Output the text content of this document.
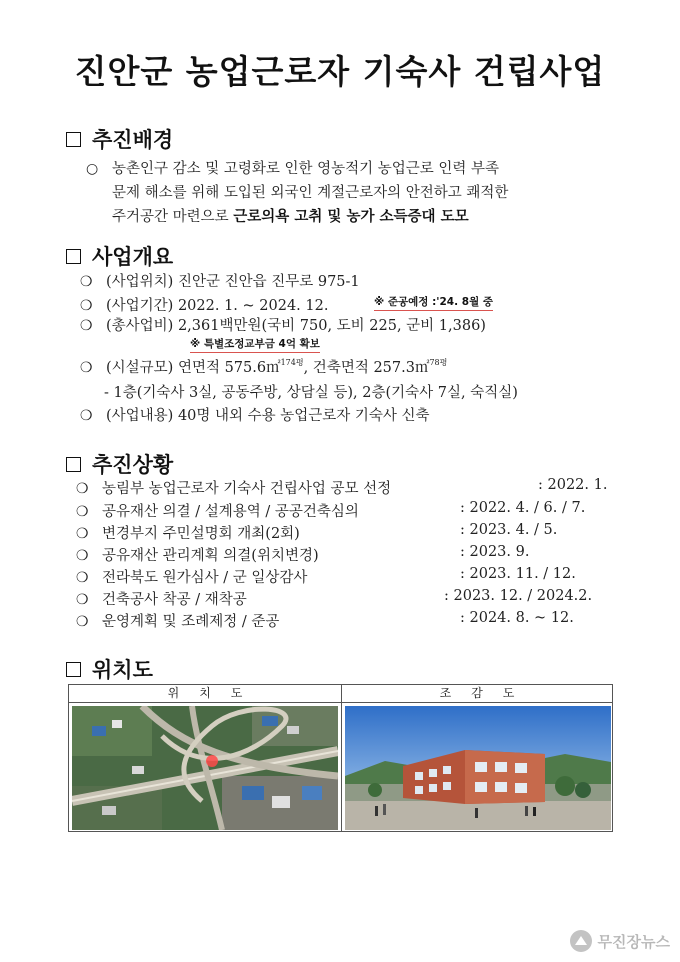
진안군 농업근로자 기숙사 건립사업
추진배경
○ 농촌인구 감소 및 고령화로 인한 영농적기 농업근로 인력 부족
문제 해소를 위해 도입된 외국인 계절근로자의 안전하고 쾌적한
주거공간 마련으로 근로의욕 고취 및 농가 소득증대 도모
사업개요
❍ (사업위치) 진안군 진안읍 진무로 975-1
❍ (사업기간) 2022. 1. ~ 2024. 12.	※ 준공예정 :'24. 8월 중
❍ (총사업비) 2,361백만원(국비 750, 도비 225, 군비 1,386)
※ 특별조정교부금 4억 확보
❍ (시설규모) 연면적 575.6㎡$^{174평}$, 건축면적 257.3㎡$^{78평}$
- 1층(기숙사 3실, 공동주방, 상담실 등), 2층(기숙사 7실, 숙직실)
❍ (사업내용) 40명 내외 수용 농업근로자 기숙사 신축
추진상황
❍ 농림부 농업근로자 기숙사 건립사업 공모 선정	: 2022. 1.
❍ 공유재산 의결 / 설계용역 / 공공건축심의	: 2022. 4. / 6. / 7.
❍ 변경부지 주민설명회 개최(2회)	: 2023. 4. / 5.
❍ 공유재산 관리계획 의결(위치변경)	: 2023. 9.
❍ 전라북도 원가심사 / 군 일상감사	: 2023. 11. / 12.
❍ 건축공사 착공 / 재착공	: 2023. 12. / 2024.2.
❍ 운영계획 및 조례제정 / 준공	: 2024. 8. ~ 12.
위치도
위치도	조감도
무진장뉴스
